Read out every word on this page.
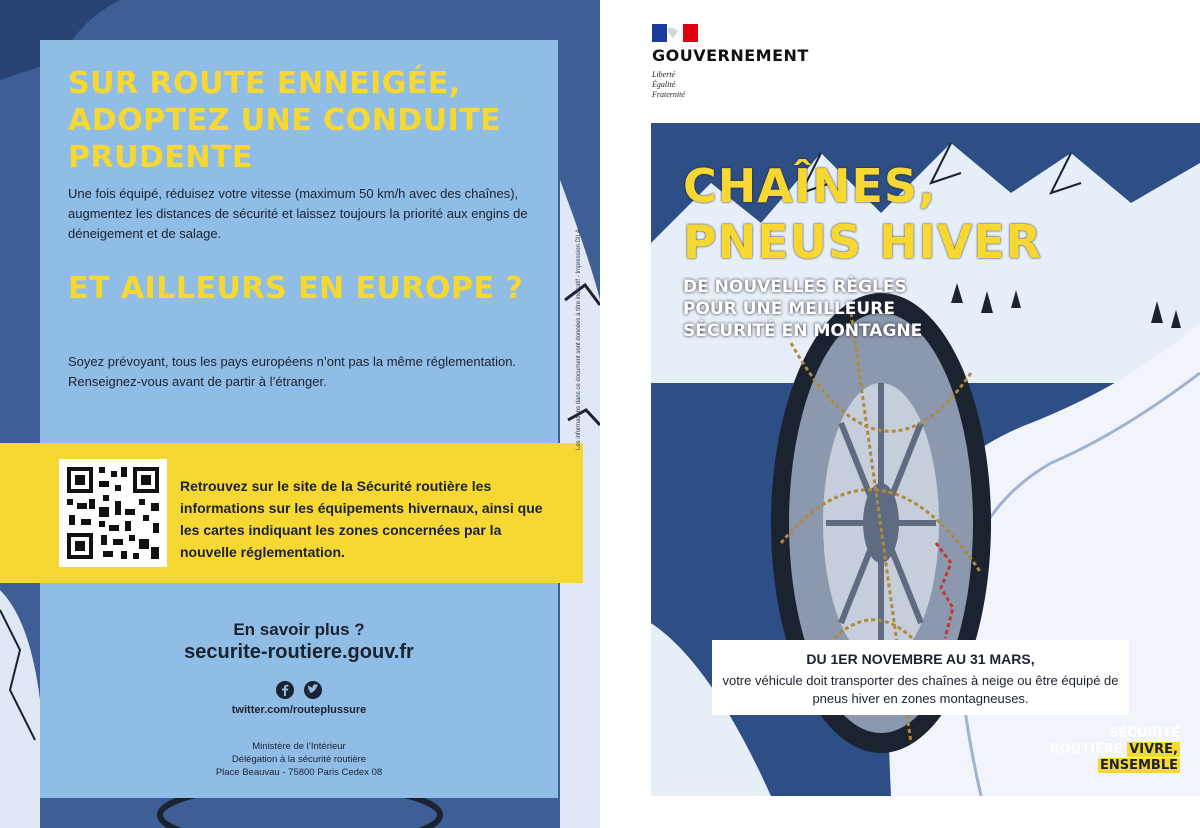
SUR ROUTE ENNEIGÉE, ADOPTEZ UNE CONDUITE PRUDENTE

Une fois équipé, réduisez votre vitesse (maximum 50 km/h avec des chaînes), augmentez les distances de sécurité et laissez toujours la priorité aux engins de déneigement et de salage.

ET AILLEURS EN EUROPE ?

Soyez prévoyant, tous les pays européens n’ont pas la même réglementation. Renseignez-vous avant de partir à l’étranger.

Retrouvez sur le site de la Sécurité routière les informations sur les équipements hivernaux, ainsi que les cartes indiquant les zones concernées par la nouvelle réglementation.

En savoir plus ?
securite-routiere.gouv.fr
twitter.com/routeplussure
Ministère de l’Intérieur
Délégation à la sécurité routière
Place Beauvau - 75800 Paris Cedex 08
Les informations dans ce document sont données à titre indicatif - Impression DILA
GOUVERNEMENT
Liberté
Égalité
Fraternité
CHAÎNES,
PNEUS HIVER
DE NOUVELLES RÈGLES
POUR UNE MEILLEURE
SÉCURITÉ EN MONTAGNE
DU 1ER NOVEMBRE AU 31 MARS,

votre véhicule doit transporter des chaînes à neige ou être équipé de pneus hiver en zones montagneuses.

SÉCURITÉ
ROUTIÈRE VIVRE,
ENSEMBLE
